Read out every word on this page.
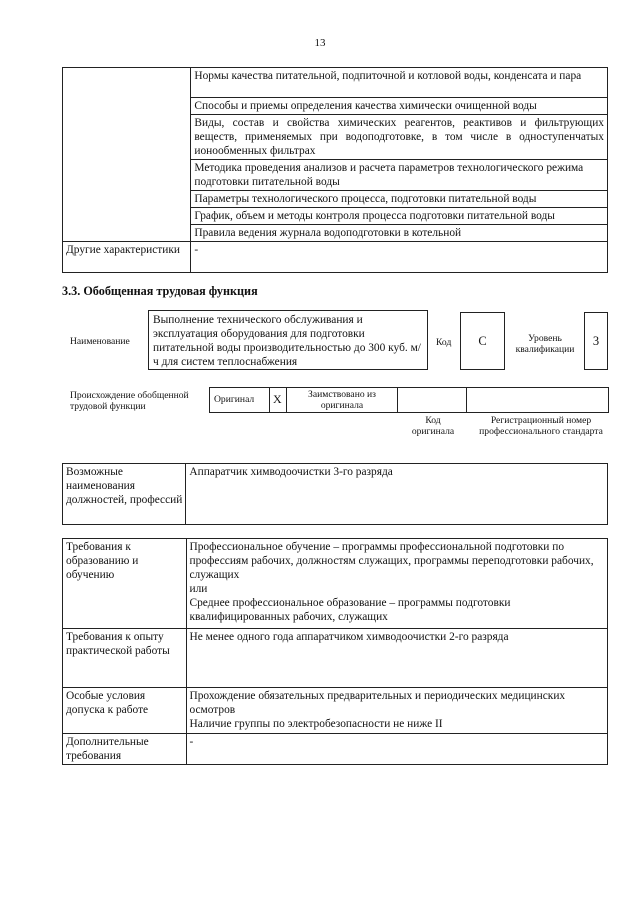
13
	Нормы качества питательной, подпиточной и котловой воды, конденсата и пара
	Способы и приемы определения качества химически очищенной воды
	Виды, состав и свойства химических реагентов, реактивов и фильтрующих веществ, применяемых при водоподготовке, в том числе в одноступенчатых ионообменных фильтрах
	Методика проведения анализов и расчета параметров технологического режима подготовки питательной воды
	Параметры технологического процесса, подготовки питательной воды
	График, объем и методы контроля процесса подготовки питательной воды
	Правила ведения журнала водоподготовки в котельной
Другие характеристики	-
3.3. Обобщенная трудовая функция
Наименование
Выполнение технического обслуживания и эксплуатация оборудования для подготовки питательной воды производительностью до 300 куб. м/ч для систем теплоснабжения
Код C	Уровень квалификации
3
Происхождение обобщенной трудовой функции
Оригинал X	Заимствовано из оригинала
Код оригинала
Регистрационный номер профессионального стандарта
Возможные наименования должностей, профессий	Аппаратчик химводоочистки 3-го разряда
Требования к образованию и обучению	Профессиональное обучение – программы профессиональной подготовки по профессиям рабочих, должностям служащих, программы переподготовки рабочих, служащих
или
Среднее профессиональное образование – программы подготовки квалифицированных рабочих, служащих

Требования к опыту практической работы	Не менее одного года аппаратчиком химводоочистки 2-го разряда
Особые условия допуска к работе	Прохождение обязательных предварительных и периодических медицинских осмотров
Наличие группы по электробезопасности не ниже II

Дополнительные требования	-
